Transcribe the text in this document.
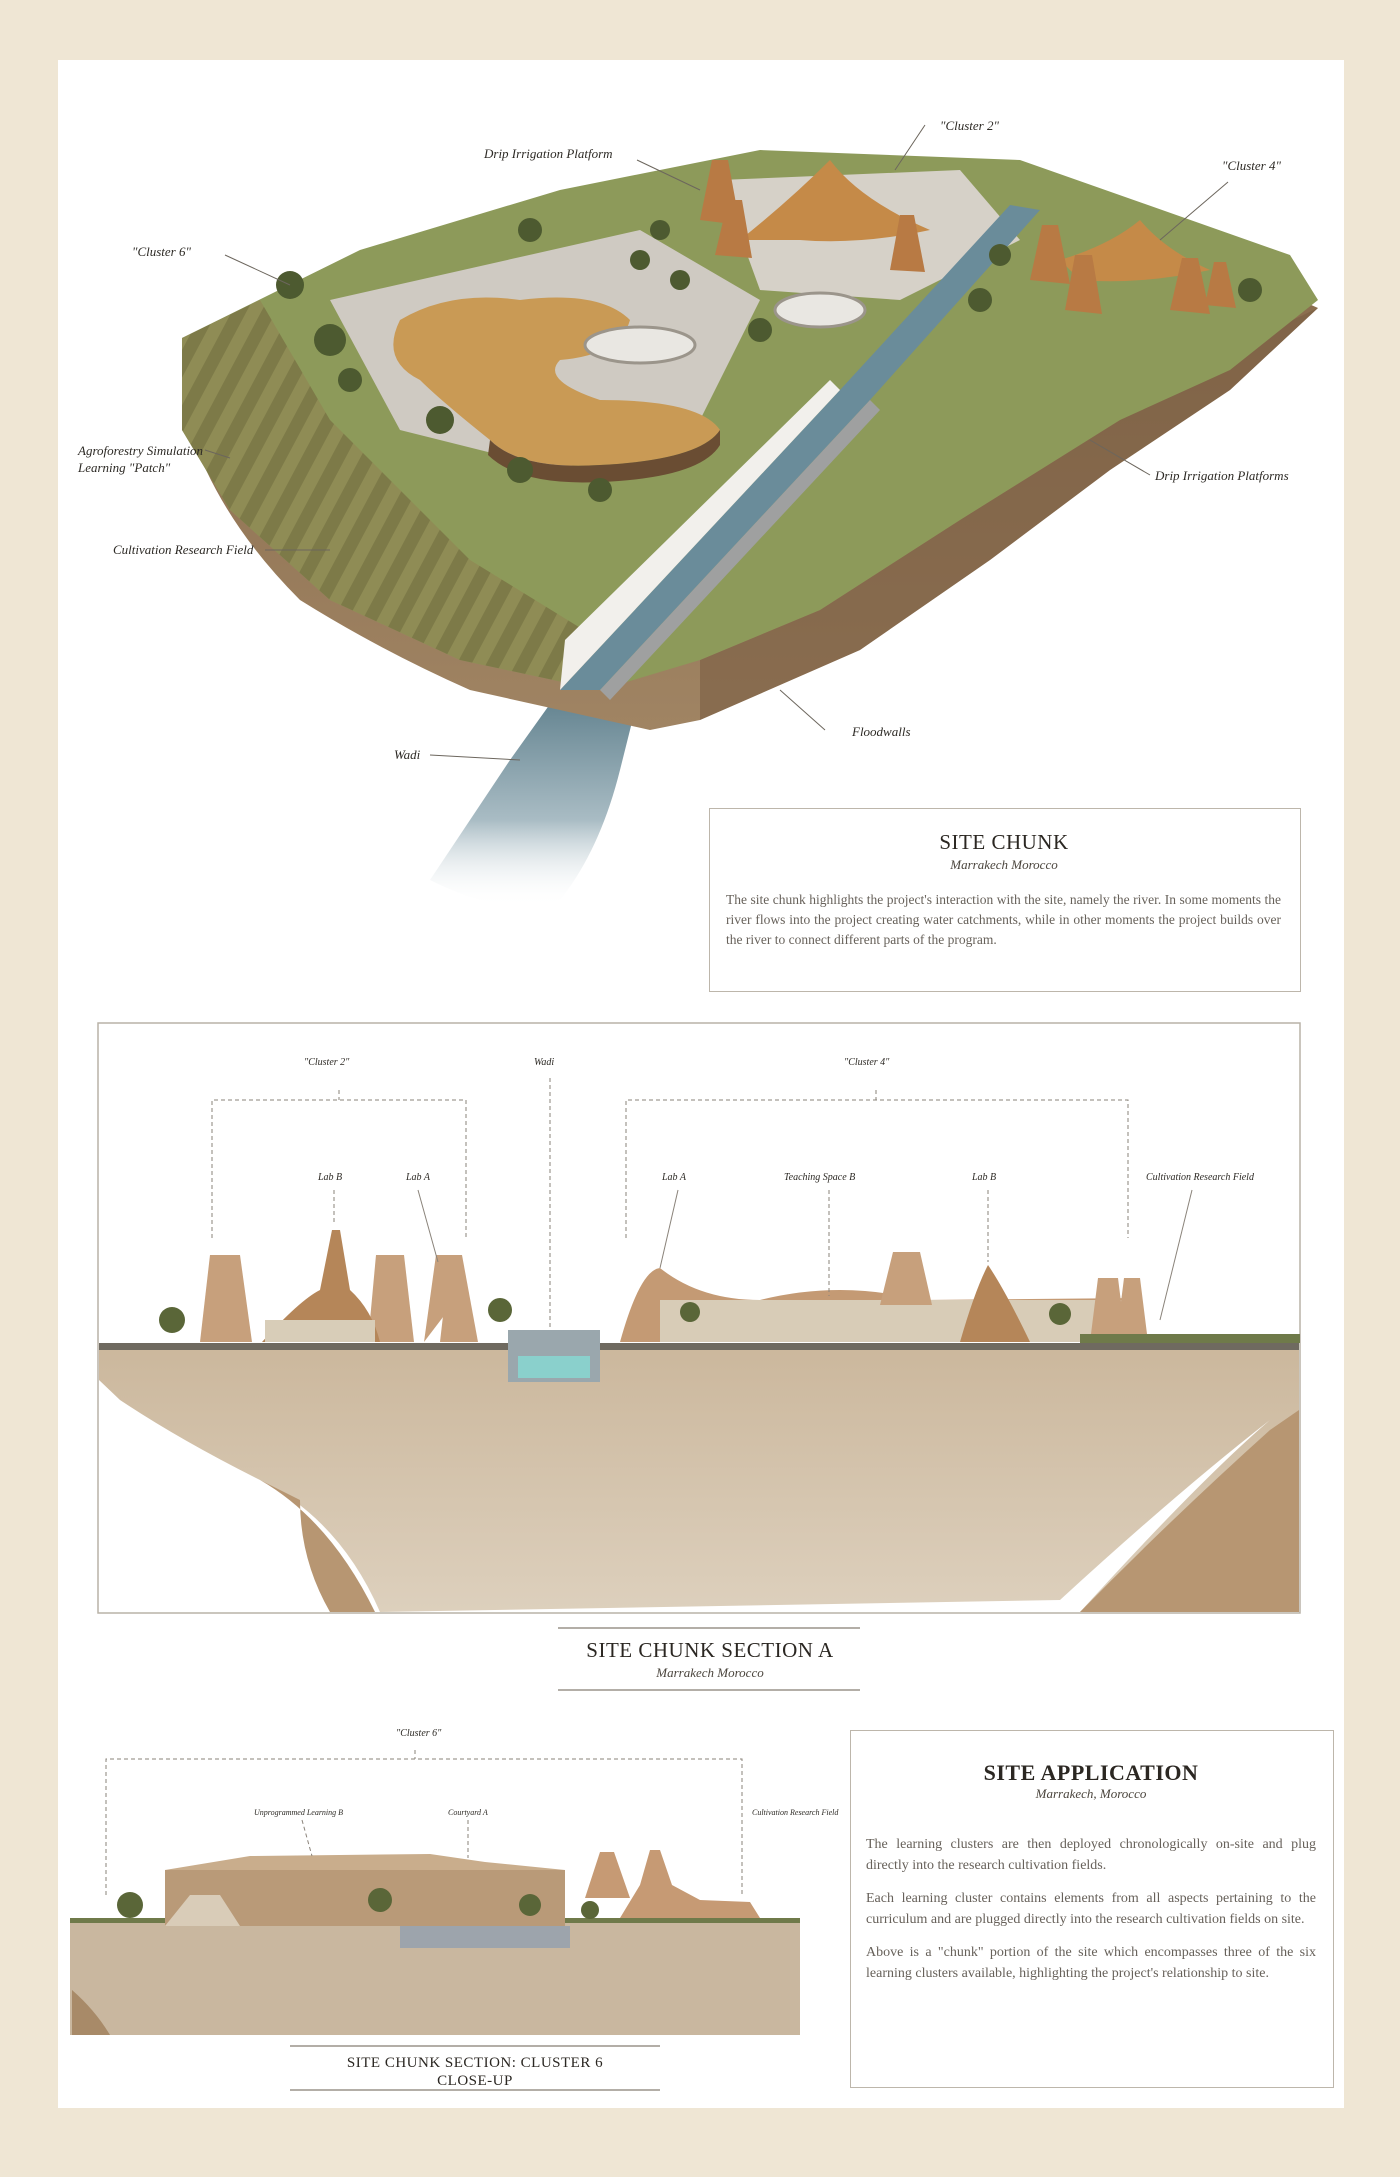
Drip Irrigation Platform
"Cluster 2"
"Cluster 4"
"Cluster 6"
Agroforestry Simulation Learning "Patch"
Cultivation Research Field
Drip Irrigation Platforms
Floodwalls
Wadi
SITE CHUNK
Marrakech Morocco
The site chunk highlights the project's interaction with the site, namely the river. In some moments the river flows into the project creating water catchments, while in other moments the project builds over the river to connect different parts of the program.
"Cluster 2"	Wadi	"Cluster 4"
Lab B	Lab A	Lab A	Teaching Space B	Lab B	Cultivation Research Field
SITE CHUNK SECTION A
Marrakech Morocco
"Cluster 6"
Unprogrammed Learning B	Courtyard A	Cultivation Research Field
SITE CHUNK SECTION: CLUSTER 6
CLOSE-UP
SITE APPLICATION
Marrakech, Morocco

The learning clusters are then deployed chronologically on-site and plug directly into the research cultivation fields.

Each learning cluster contains elements from all aspects pertaining to the curriculum and are plugged directly into the research cultivation fields on site.

Above is a "chunk" portion of the site which encompasses three of the six learning clusters available, highlighting the project's relationship to site.
